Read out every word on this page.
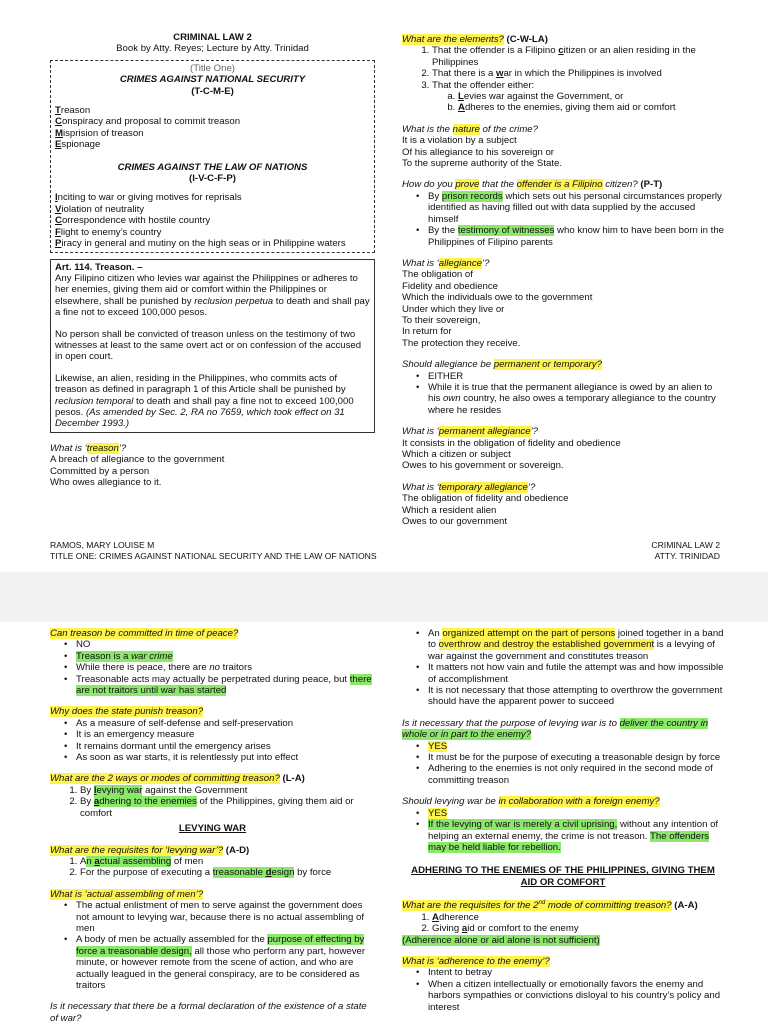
CRIMINAL LAW 2
Book by Atty. Reyes; Lecture by Atty. Trinidad
(Title One)
CRIMES AGAINST NATIONAL SECURITY
(T-C-M-E)
Treason
Conspiracy and proposal to commit treason
Misprision of treason
Espionage
CRIMES AGAINST THE LAW OF NATIONS
(I-V-C-F-P)
Inciting to war or giving motives for reprisals
Violation of neutrality
Correspondence with hostile country
Flight to enemy’s country
Piracy in general and mutiny on the high seas or in Philippine waters
Art. 114. Treason. –
Any Filipino citizen who levies war against the Philippines or adheres to her enemies, giving them aid or comfort within the Philippines or elsewhere, shall be punished by reclusion perpetua to death and shall pay a fine not to exceed 100,000 pesos.
No person shall be convicted of treason unless on the testimony of two witnesses at least to the same overt act or on confession of the accused in open court.
Likewise, an alien, residing in the Philippines, who commits acts of treason as defined in paragraph 1 of this Article shall be punished by reclusion temporal to death and shall pay a fine not to exceed 100,000 pesos. (As amended by Sec. 2, RA no 7659, which took effect on 31 December 1993.)
What is ‘treason’?
A breach of allegiance to the government
Committed by a person
Who owes allegiance to it.
What are the elements? (C-W-LA)
1. That the offender is a Filipino citizen or an alien residing in the Philippines
2. That there is a war in which the Philippines is involved
3. That the offender either:
a. Levies war against the Government, or
b. Adheres to the enemies, giving them aid or comfort
What is the nature of the crime?
It is a violation by a subject
Of his allegiance to his sovereign or
To the supreme authority of the State.
How do you prove that the offender is a Filipino citizen? (P-T)
• By prison records which sets out his personal circumstances properly identified as having filled out with data supplied by the accused himself
• By the testimony of witnesses who know him to have been born in the Philippines of Filipino parents
What is ‘allegiance’?
The obligation of
Fidelity and obedience
Which the individuals owe to the government
Under which they live or
To their sovereign,
In return for
The protection they receive.
Should allegiance be permanent or temporary?
• EITHER
• While it is true that the permanent allegiance is owed by an alien to his own country, he also owes a temporary allegiance to the country where he resides
What is ‘permanent allegiance’?
It consists in the obligation of fidelity and obedience
Which a citizen or subject
Owes to his government or sovereign.
What is ‘temporary allegiance’?
The obligation of fidelity and obedience
Which a resident alien
Owes to our government
RAMOS, MARY LOUISE M
TITLE ONE: CRIMES AGAINST NATIONAL SECURITY AND THE LAW OF NATIONS
CRIMINAL LAW 2
ATTY. TRINIDAD
Can treason be committed in time of peace?
• NO
• Treason is a war crime
• While there is peace, there are no traitors
• Treasonable acts may actually be perpetrated during peace, but there are not traitors until war has started
Why does the state punish treason?
• As a measure of self-defense and self-preservation
• It is an emergency measure
• It remains dormant until the emergency arises
• As soon as war starts, it is relentlessly put into effect
What are the 2 ways or modes of committing treason? (L-A)
1. By levying war against the Government
2. By adhering to the enemies of the Philippines, giving them aid or comfort
LEVYING WAR
What are the requisites for ‘levying war’? (A-D)
1. An actual assembling of men
2. For the purpose of executing a treasonable design by force
What is ‘actual assembling of men’?
• The actual enlistment of men to serve against the government does not amount to levying war, because there is no actual assembling of men
• A body of men be actually assembled for the purpose of effecting by force a treasonable design, all those who perform any part, however minute, or however remote from the scene of action, and who are actually leagued in the general conspiracy, are to be considered as traitors
Is it necessary that there be a formal declaration of the existence of a state of war?
• An organized attempt on the part of persons joined together in a band to overthrow and destroy the established government is a levying of war against the government and constitutes treason
• It matters not how vain and futile the attempt was and how impossible of accomplishment
• It is not necessary that those attempting to overthrow the government should have the apparent power to succeed
Is it necessary that the purpose of levying war is to deliver the country in whole or in part to the enemy?
• YES
• It must be for the purpose of executing a treasonable design by force
• Adhering to the enemies is not only required in the second mode of committing treason
Should levying war be in collaboration with a foreign enemy?
• YES
• If the levying of war is merely a civil uprising, without any intention of helping an external enemy, the crime is not treason. The offenders may be held liable for rebellion.
ADHERING TO THE ENEMIES OF THE PHILIPPINES, GIVING THEM AID OR COMFORT
What are the requisites for the 2nd mode of committing treason? (A-A)
1. Adherence
2. Giving aid or comfort to the enemy
(Adherence alone or aid alone is not sufficient)
What is ‘adherence to the enemy’?
• Intent to betray
• When a citizen intellectually or emotionally favors the enemy and harbors sympathies or convictions disloyal to his country’s policy and interest
